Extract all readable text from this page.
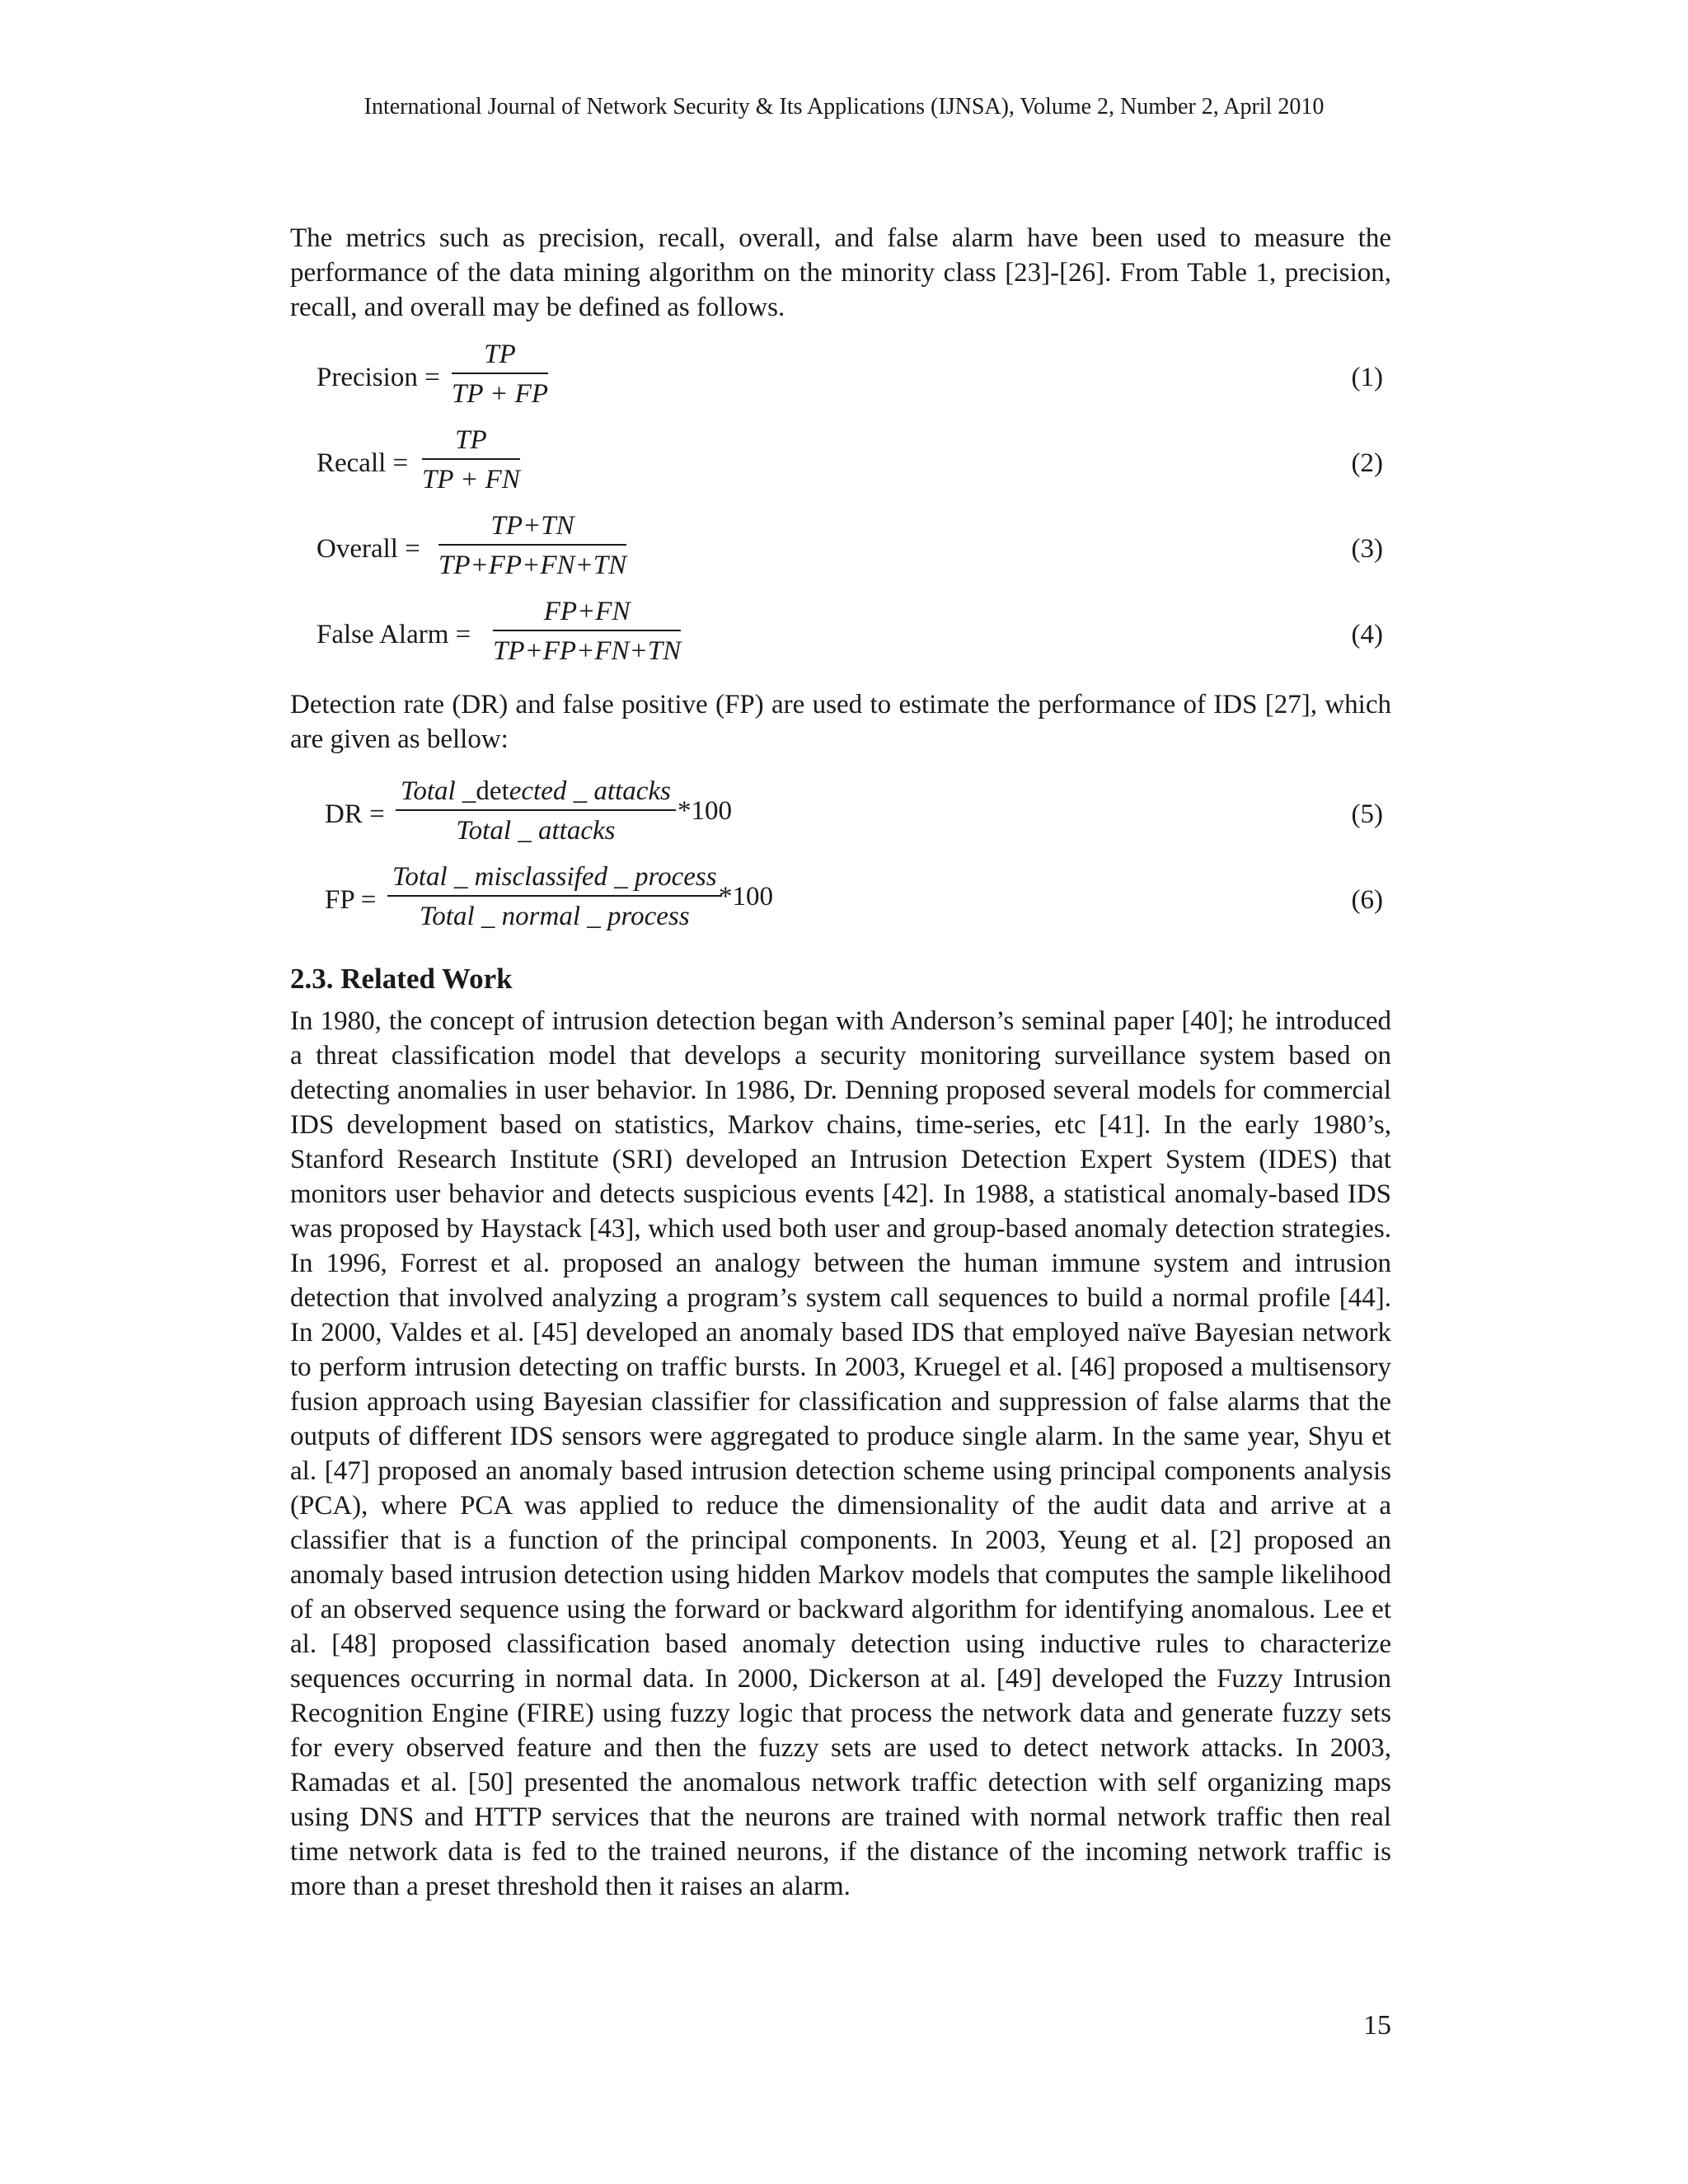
International Journal of Network Security & Its Applications (IJNSA), Volume 2, Number 2, April 2010

The metrics such as precision, recall, overall, and false alarm have been used to measure the performance of the data mining algorithm on the minority class [23]-[26]. From Table 1, precision, recall, and overall may be defined as follows.

Precision = $\frac{TP}{TP + FP}$	(1)
Recall = $\frac{TP}{TP + FN}$	(2)
Overall = $\frac{TP+TN}{TP+FP+FN+TN}$	(3)
False Alarm = $\frac{FP+FN}{TP+FP+FN+TN}$	(4)

Detection rate (DR) and false positive (FP) are used to estimate the performance of IDS [27], which are given as bellow:

DR =
Total _detected _ attacks
Total _ attacks
*100	(5)
FP =
Total _ misclassifed _ process
Total _ normal _ process
*100	(6)
2.3. Related Work

In 1980, the concept of intrusion detection began with Anderson’s seminal paper [40]; he introduced a threat classification model that develops a security monitoring surveillance system based on detecting anomalies in user behavior. In 1986, Dr. Denning proposed several models for commercial IDS development based on statistics, Markov chains, time-series, etc [41]. In the early 1980’s, Stanford Research Institute (SRI) developed an Intrusion Detection Expert System (IDES) that monitors user behavior and detects suspicious events [42]. In 1988, a statistical anomaly-based IDS was proposed by Haystack [43], which used both user and group-based anomaly detection strategies. In 1996, Forrest et al. proposed an analogy between the human immune system and intrusion detection that involved analyzing a program’s system call sequences to build a normal profile [44]. In 2000, Valdes et al. [45] developed an anomaly based IDS that employed naïve Bayesian network to perform intrusion detecting on traffic bursts. In 2003, Kruegel et al. [46] proposed a multisensory fusion approach using Bayesian classifier for classification and suppression of false alarms that the outputs of different IDS sensors were aggregated to produce single alarm. In the same year, Shyu et al. [47] proposed an anomaly based intrusion detection scheme using principal components analysis (PCA), where PCA was applied to reduce the dimensionality of the audit data and arrive at a classifier that is a function of the principal components. In 2003, Yeung et al. [2] proposed an anomaly based intrusion detection using hidden Markov models that computes the sample likelihood of an observed sequence using the forward or backward algorithm for identifying anomalous. Lee et al. [48] proposed classification based anomaly detection using inductive rules to characterize sequences occurring in normal data. In 2000, Dickerson at al. [49] developed the Fuzzy Intrusion Recognition Engine (FIRE) using fuzzy logic that process the network data and generate fuzzy sets for every observed feature and then the fuzzy sets are used to detect network attacks. In 2003, Ramadas et al. [50] presented the anomalous network traffic detection with self organizing maps using DNS and HTTP services that the neurons are trained with normal network traffic then real time network data is fed to the trained neurons, if the distance of the incoming network traffic is more than a preset threshold then it raises an alarm.

15
